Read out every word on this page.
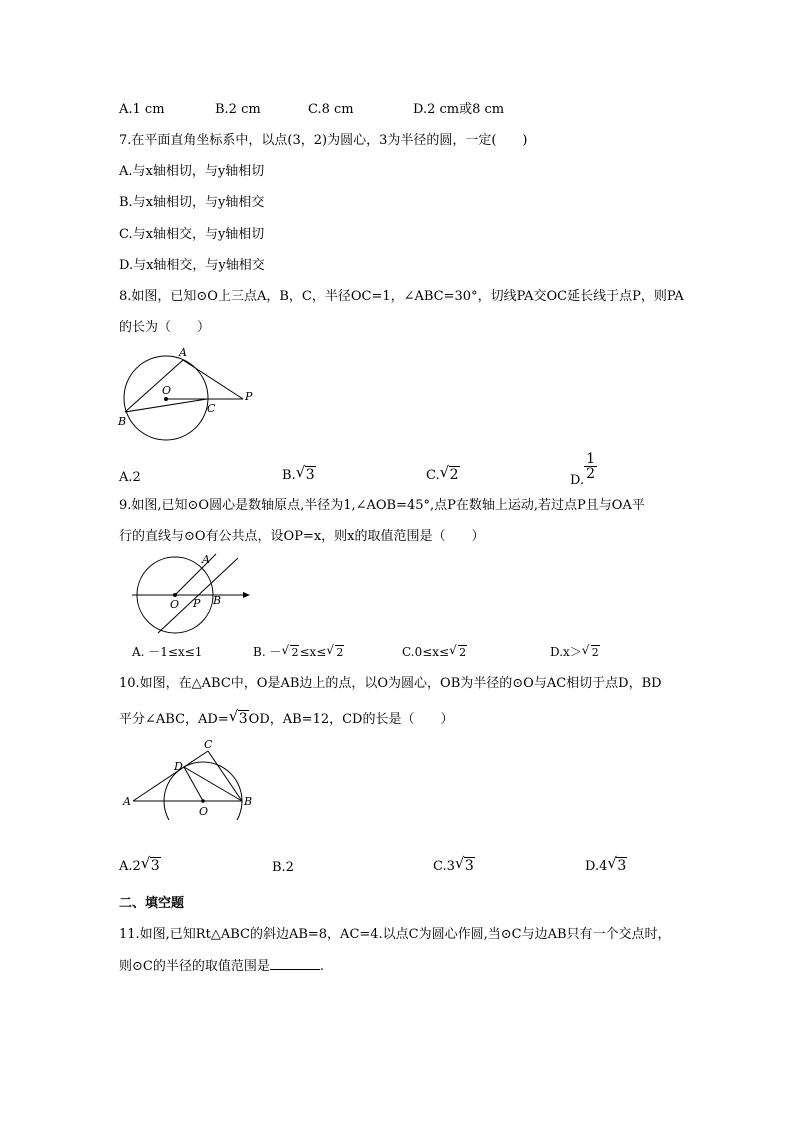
A.1 cm	B.2 cm	C.8 cm	D.2 cm或8 cm
7.在平面直角坐标系中，以点(3，2)为圆心，3为半径的圆，一定(　　)
A.与x轴相切，与y轴相切
B.与x轴相切，与y轴相交
C.与x轴相交，与y轴相切
D.与x轴相交，与y轴相交
8.如图，已知⊙O上三点A，B，C，半径OC=1，∠ABC=30°，切线PA交OC延长线于点P，则PA
的长为（　　）
A
O
C
P
B
A.2	B. √ 3	C. √ 2	D. $\frac{1}{2}$
9.如图,已知⊙O圆心是数轴原点,半径为1,∠AOB=45°,点P在数轴上运动,若过点P且与OA平
行的直线与⊙O有公共点，设OP=x，则x的取值范围是（　　）
A
O P B
A. －1≤x≤1	B. － √ 2≤x≤ √ 2	C.0≤x≤ √ 2	D.x＞ √ 2
10.如图，在△ABC中，O是AB边上的点，以O为圆心，OB为半径的⊙O与AC相切于点D，BD
平分∠ABC，AD= √ 3OD，AB=12，CD的长是（　　）
C
D
A
O
B
A.2 √ 3	B.2	C.3 √ 3	D.4 √ 3
二、填空题
11.如图,已知Rt△ABC的斜边AB=8，AC=4.以点C为圆心作圆,当⊙C与边AB只有一个交点时，
则⊙C的半径的取值范围是	.
